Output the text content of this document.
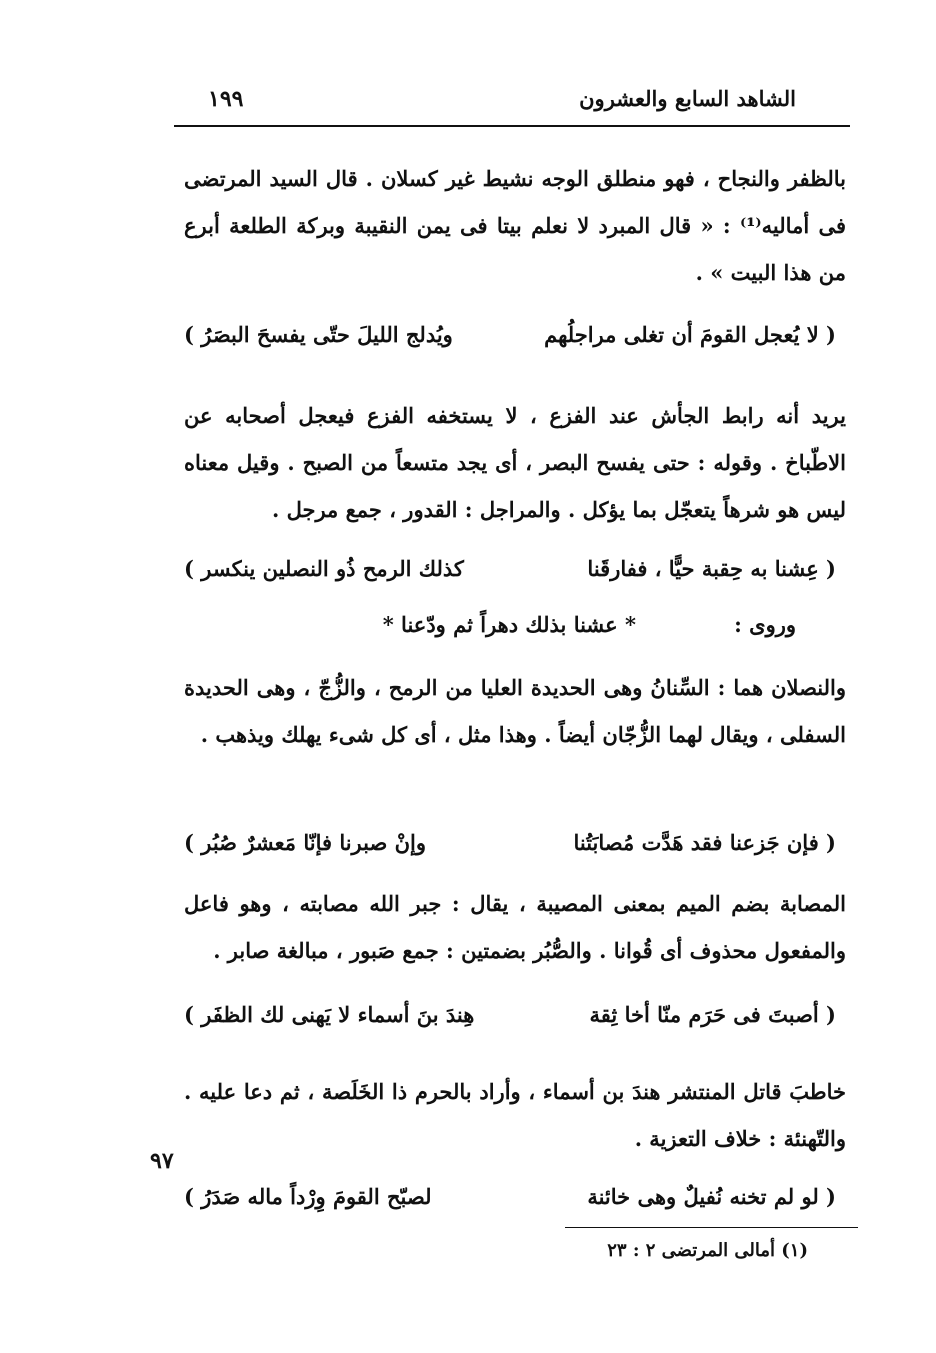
الشاهد السابع والعشرون
١٩٩

بالظفر والنجاح ، فهو منطلق الوجه نشيط غير كسلان . قال السيد المرتضى فى أماليه⁽¹⁾ : « قال المبرد لا نعلم بيتا فى يمن النقيبة وبركة الطلعة أبرع من هذا البيت » .

( لا يُعجل القومَ أن تغلى مراجلُهم
ويُدلج الليلَ حتّى يفسحَ البصَرُ )

يريد أنه رابط الجأش عند الفزع ، لا يستخفه الفزع فيعجل أصحابه عن الاطّباخ . وقوله : حتى يفسح البصر ، أى يجد متسعاً من الصبح . وقيل معناه ليس هو شرهاً يتعجّل بما يؤكل . والمراجل : القدور ، جمع مرجل .

( عِشنا به حِقبة حيًّا ، ففارقَنا
كذلك الرمح ذُو النصلين ينكسر )
وروى :
* عشنا بذلك دهراً ثم ودّعنا *

والنصلان هما : السِّنانُ وهى الحديدة العليا من الرمح ، والزُّجّ ، وهى الحديدة السفلى ، ويقال لهما الزُّجّان أيضاً . وهذا مثل ، أى كل شىء يهلك ويذهب .

( فإن جَزعنا فقد هَدَّت مُصابَتُنا
وإنْ صبرنا فإنّا مَعشرٌ صُبُر )

المصابة بضم الميم بمعنى المصيبة ، يقال : جبر الله مصابته ، وهو فاعل والمفعول محذوف أى قُوانا . والصُّبُر بضمتين : جمع صَبور ، مبالغة صابر .

( أصبتَ فى حَرَم منّا أخا ثِقة
هِندَ بنَ أسماء لا يَهنى لك الظفَر )

خاطبَ قاتل المنتشر هندَ بن أسماء ، وأراد بالحرم ذا الخَلَصة ، ثم دعا عليه . والتّهنئة : خلاف التعزية .

٩٧
( لو لم تخنه نُفيلٌ وهى خائنة
لصبّح القومَ وِرْداً ماله صَدَرُ )
(١) أمالى المرتضى ٢ : ٢٣
